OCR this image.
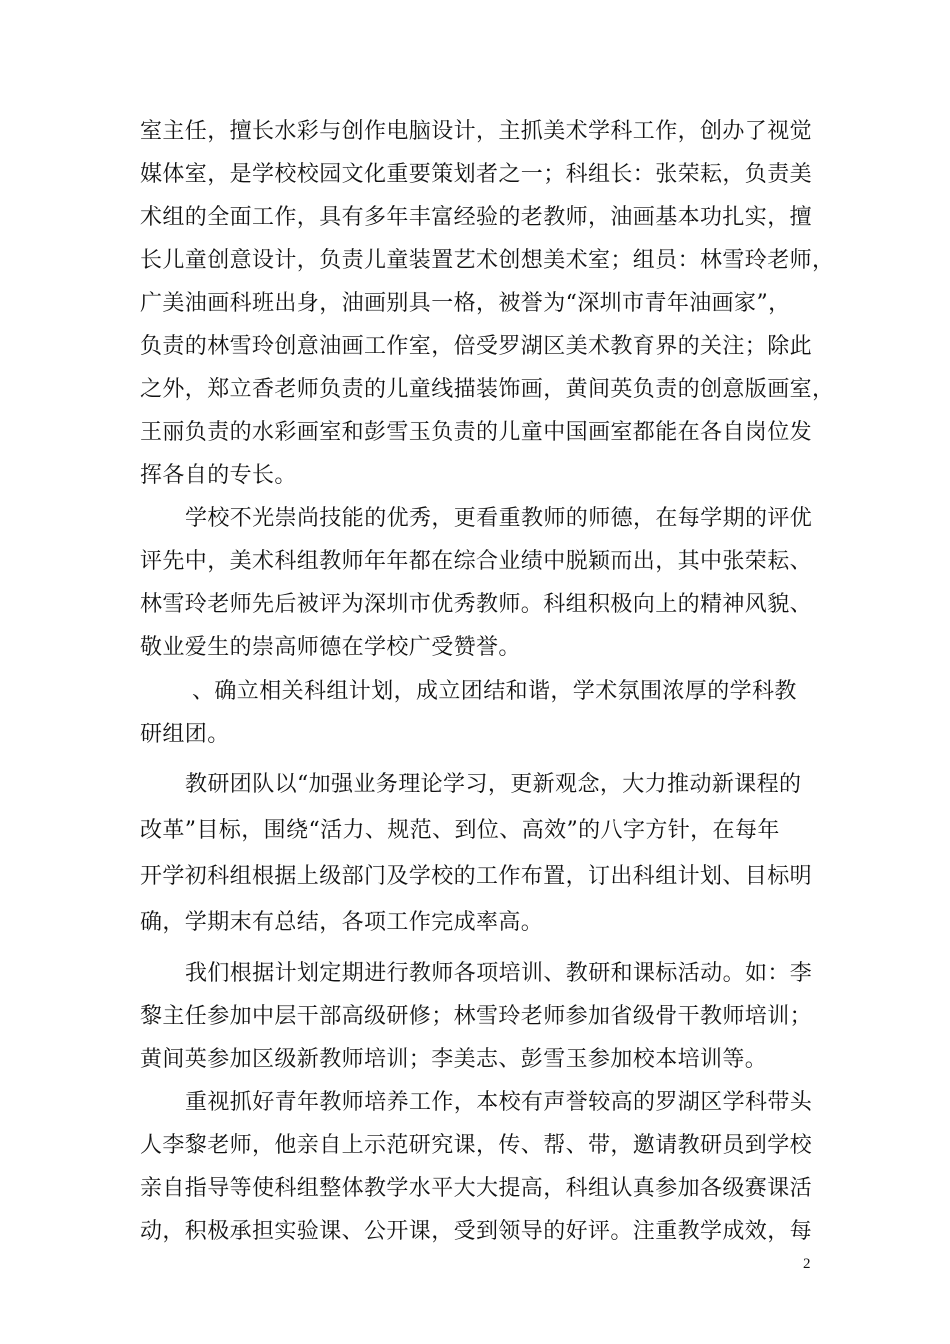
室主任，擅长水彩与创作电脑设计，主抓美术学科工作，创办了视觉
媒体室，是学校校园文化重要策划者之一；科组长：张荣耘，负责美
术组的全面工作，具有多年丰富经验的老教师，油画基本功扎实，擅
长儿童创意设计，负责儿童装置艺术创想美术室；组员：林雪玲老师，
广美油画科班出身，油画别具一格，被誉为“深圳市青年油画家”，
负责的林雪玲创意油画工作室，倍受罗湖区美术教育界的关注；除此
之外，郑立香老师负责的儿童线描装饰画，黄间英负责的创意版画室，
王丽负责的水彩画室和彭雪玉负责的儿童中国画室都能在各自岗位发
挥各自的专长。
学校不光崇尚技能的优秀，更看重教师的师德，在每学期的评优
评先中，美术科组教师年年都在综合业绩中脱颖而出，其中张荣耘、
林雪玲老师先后被评为深圳市优秀教师。科组积极向上的精神风貌、
敬业爱生的崇高师德在学校广受赞誉。
、确立相关科组计划，成立团结和谐，学术氛围浓厚的学科教
研组团。
教研团队以“加强业务理论学习，更新观念，大力推动新课程的
改革”目标，围绕“活力、规范、到位、高效”的八字方针，在每年
开学初科组根据上级部门及学校的工作布置，订出科组计划、目标明
确，学期末有总结，各项工作完成率高。
我们根据计划定期进行教师各项培训、教研和课标活动。如：李
黎主任参加中层干部高级研修；林雪玲老师参加省级骨干教师培训；
黄间英参加区级新教师培训；李美志、彭雪玉参加校本培训等。
重视抓好青年教师培养工作，本校有声誉较高的罗湖区学科带头
人李黎老师，他亲自上示范研究课，传、帮、带，邀请教研员到学校
亲自指导等使科组整体教学水平大大提高，科组认真参加各级赛课活
动，积极承担实验课、公开课，受到领导的好评。注重教学成效，每
2
